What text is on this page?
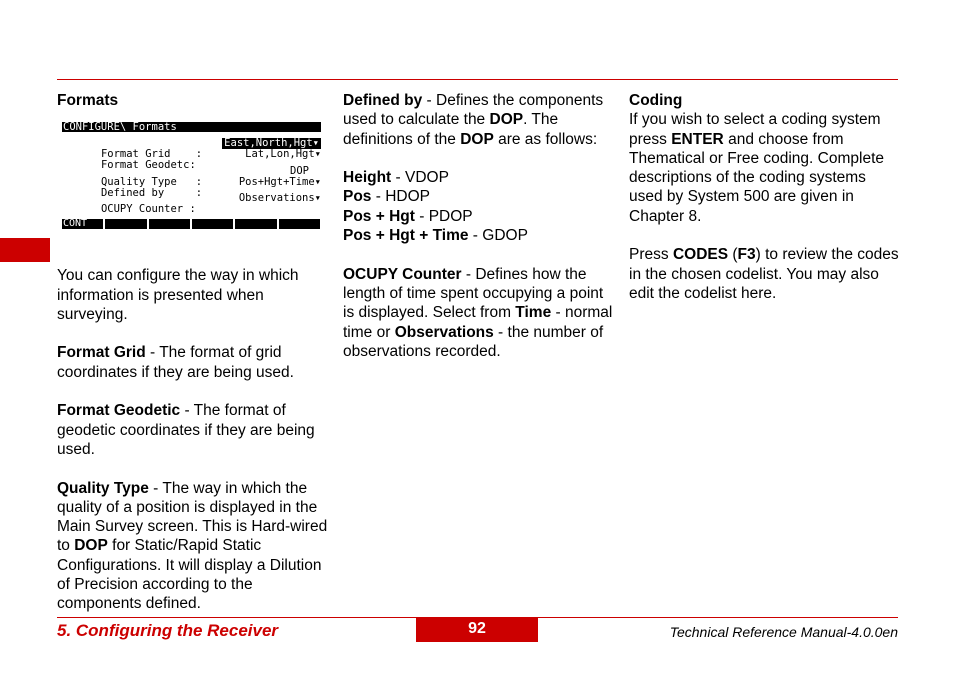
Formats
CONFIGURE\ Formats

Format Grid    :

East,North,Hgt▾

Format Geodetc:

Lat,Lon,Hgt▾

Quality Type   :

DOP

Defined by     :

Pos+Hgt+Time▾

OCUPY Counter :

Observations▾

CONT

You can configure the way in which information is presented when surveying.

Format Grid - The format of grid coordinates if they are being used.

Format Geodetic - The format of geodetic coordinates if they are being used.

Quality Type - The way in which the quality of a position is displayed in the Main Survey screen. This is Hard-wired to DOP for Static/Rapid Static Configurations. It will display a Dilution of Precision according to the components defined.

Defined by - Defines the components used to calculate the DOP. The definitions of the DOP are as follows:

Height - VDOP
Pos - HDOP
Pos + Hgt - PDOP
Pos + Hgt + Time - GDOP

OCUPY Counter - Defines how the length of time spent occupying a point is displayed. Select from Time - normal time or Observations - the number of observations recorded.

Coding
If you wish to select a coding system press ENTER and choose from Thematical or Free coding. Complete descriptions of the coding systems used by System 500 are given in Chapter 8.

Press CODES (F3) to review the codes in the chosen codelist. You may also edit the codelist here.

5. Configuring the Receiver	92	Technical Reference Manual-4.0.0en
